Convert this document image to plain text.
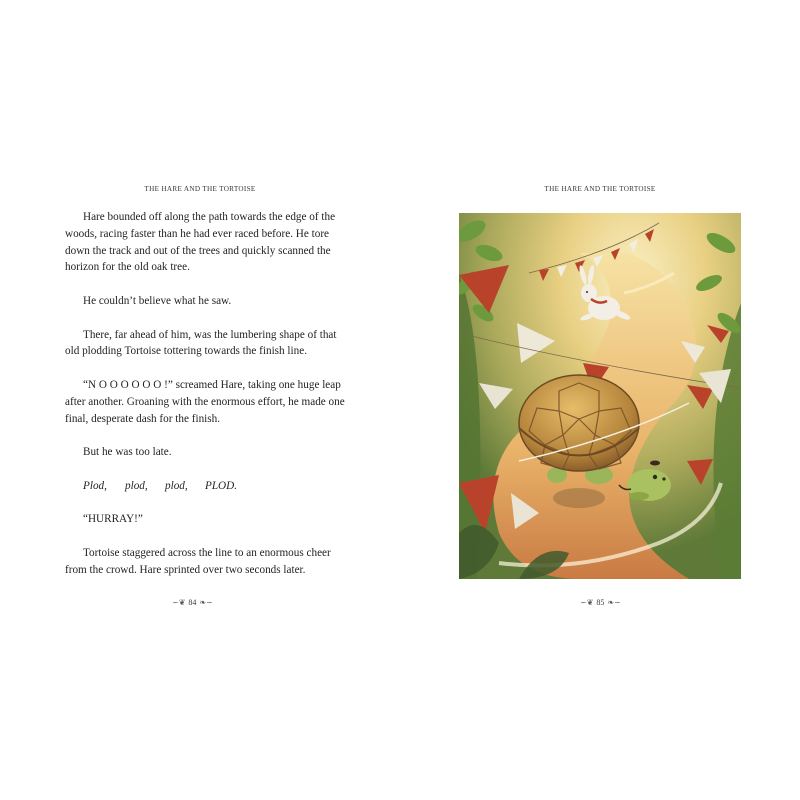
THE HARE AND THE TORTOISE

Hare bounded off along the path towards the edge of the woods, racing faster than he had ever raced before. He tore down the track and out of the trees and quickly scanned the horizon for the old oak tree.

He couldn’t believe what he saw.

There, far ahead of him, was the lumbering shape of that old plodding Tortoise tottering towards the finish line.

“N O O O O O O !” screamed Hare, taking one huge leap after another. Groaning with the enormous effort, he made one final, desperate dash for the finish.

But he was too late.

Plod, plod, plod, PLOD.

“HURRAY!”

Tortoise staggered across the line to an enormous cheer from the crowd. Hare sprinted over two seconds later.

∽❦ 84 ❧∼
THE HARE AND THE TORTOISE
∽❦ 85 ❧∼
